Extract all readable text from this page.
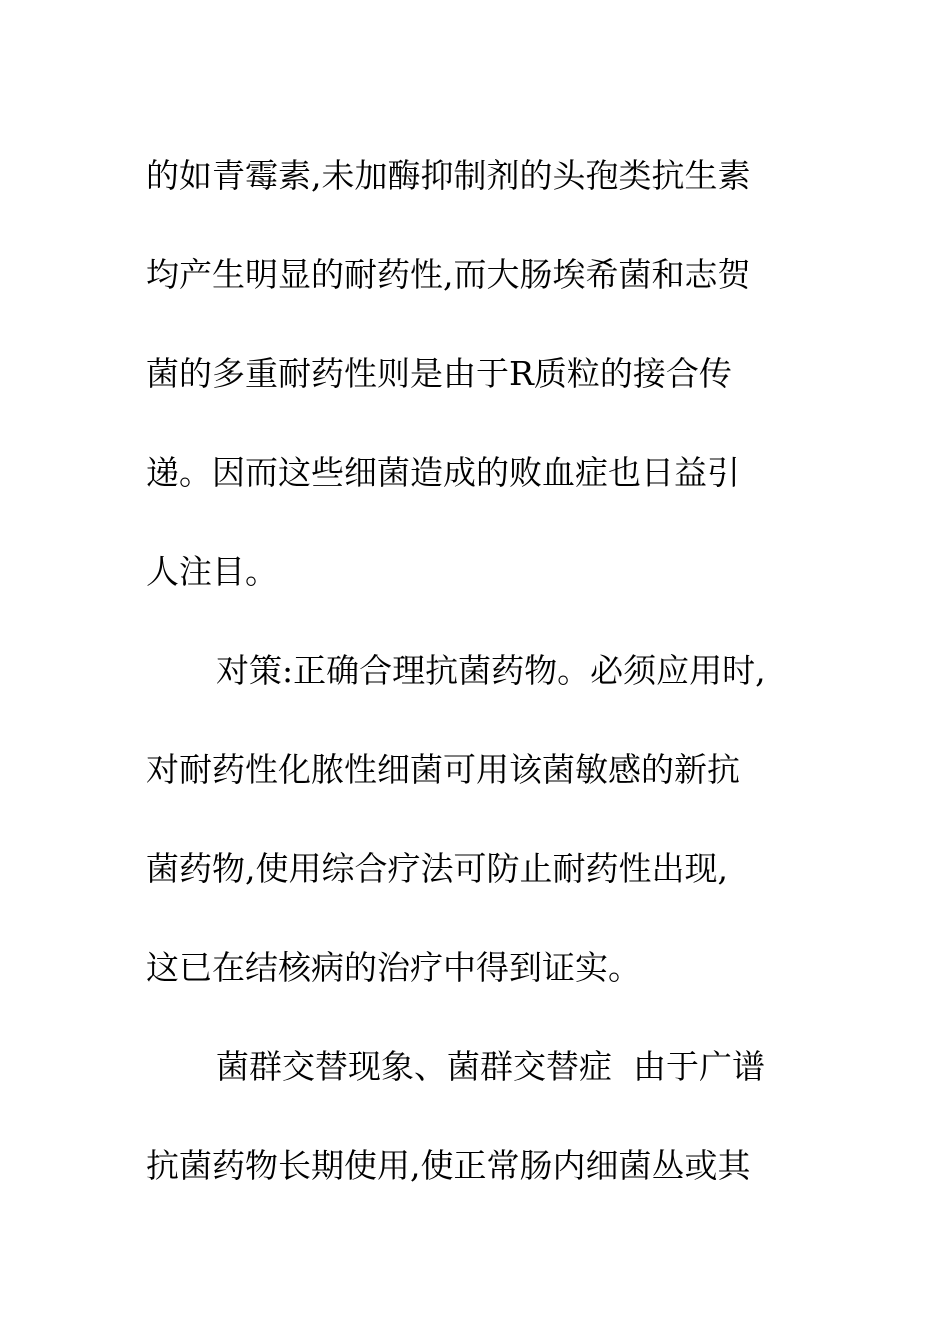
的如青霉素,未加酶抑制剂的头孢类抗生素
均产生明显的耐药性,而大肠埃希菌和志贺
菌的多重耐药性则是由于R质粒的接合传
递。因而这些细菌造成的败血症也日益引
人注目。
对策:正确合理抗菌药物。必须应用时,
对耐药性化脓性细菌可用该菌敏感的新抗
菌药物,使用综合疗法可防止耐药性出现,
这已在结核病的治疗中得到证实。
菌群交替现象、菌群交替症  由于广谱
抗菌药物长期使用,使正常肠内细菌丛或其
